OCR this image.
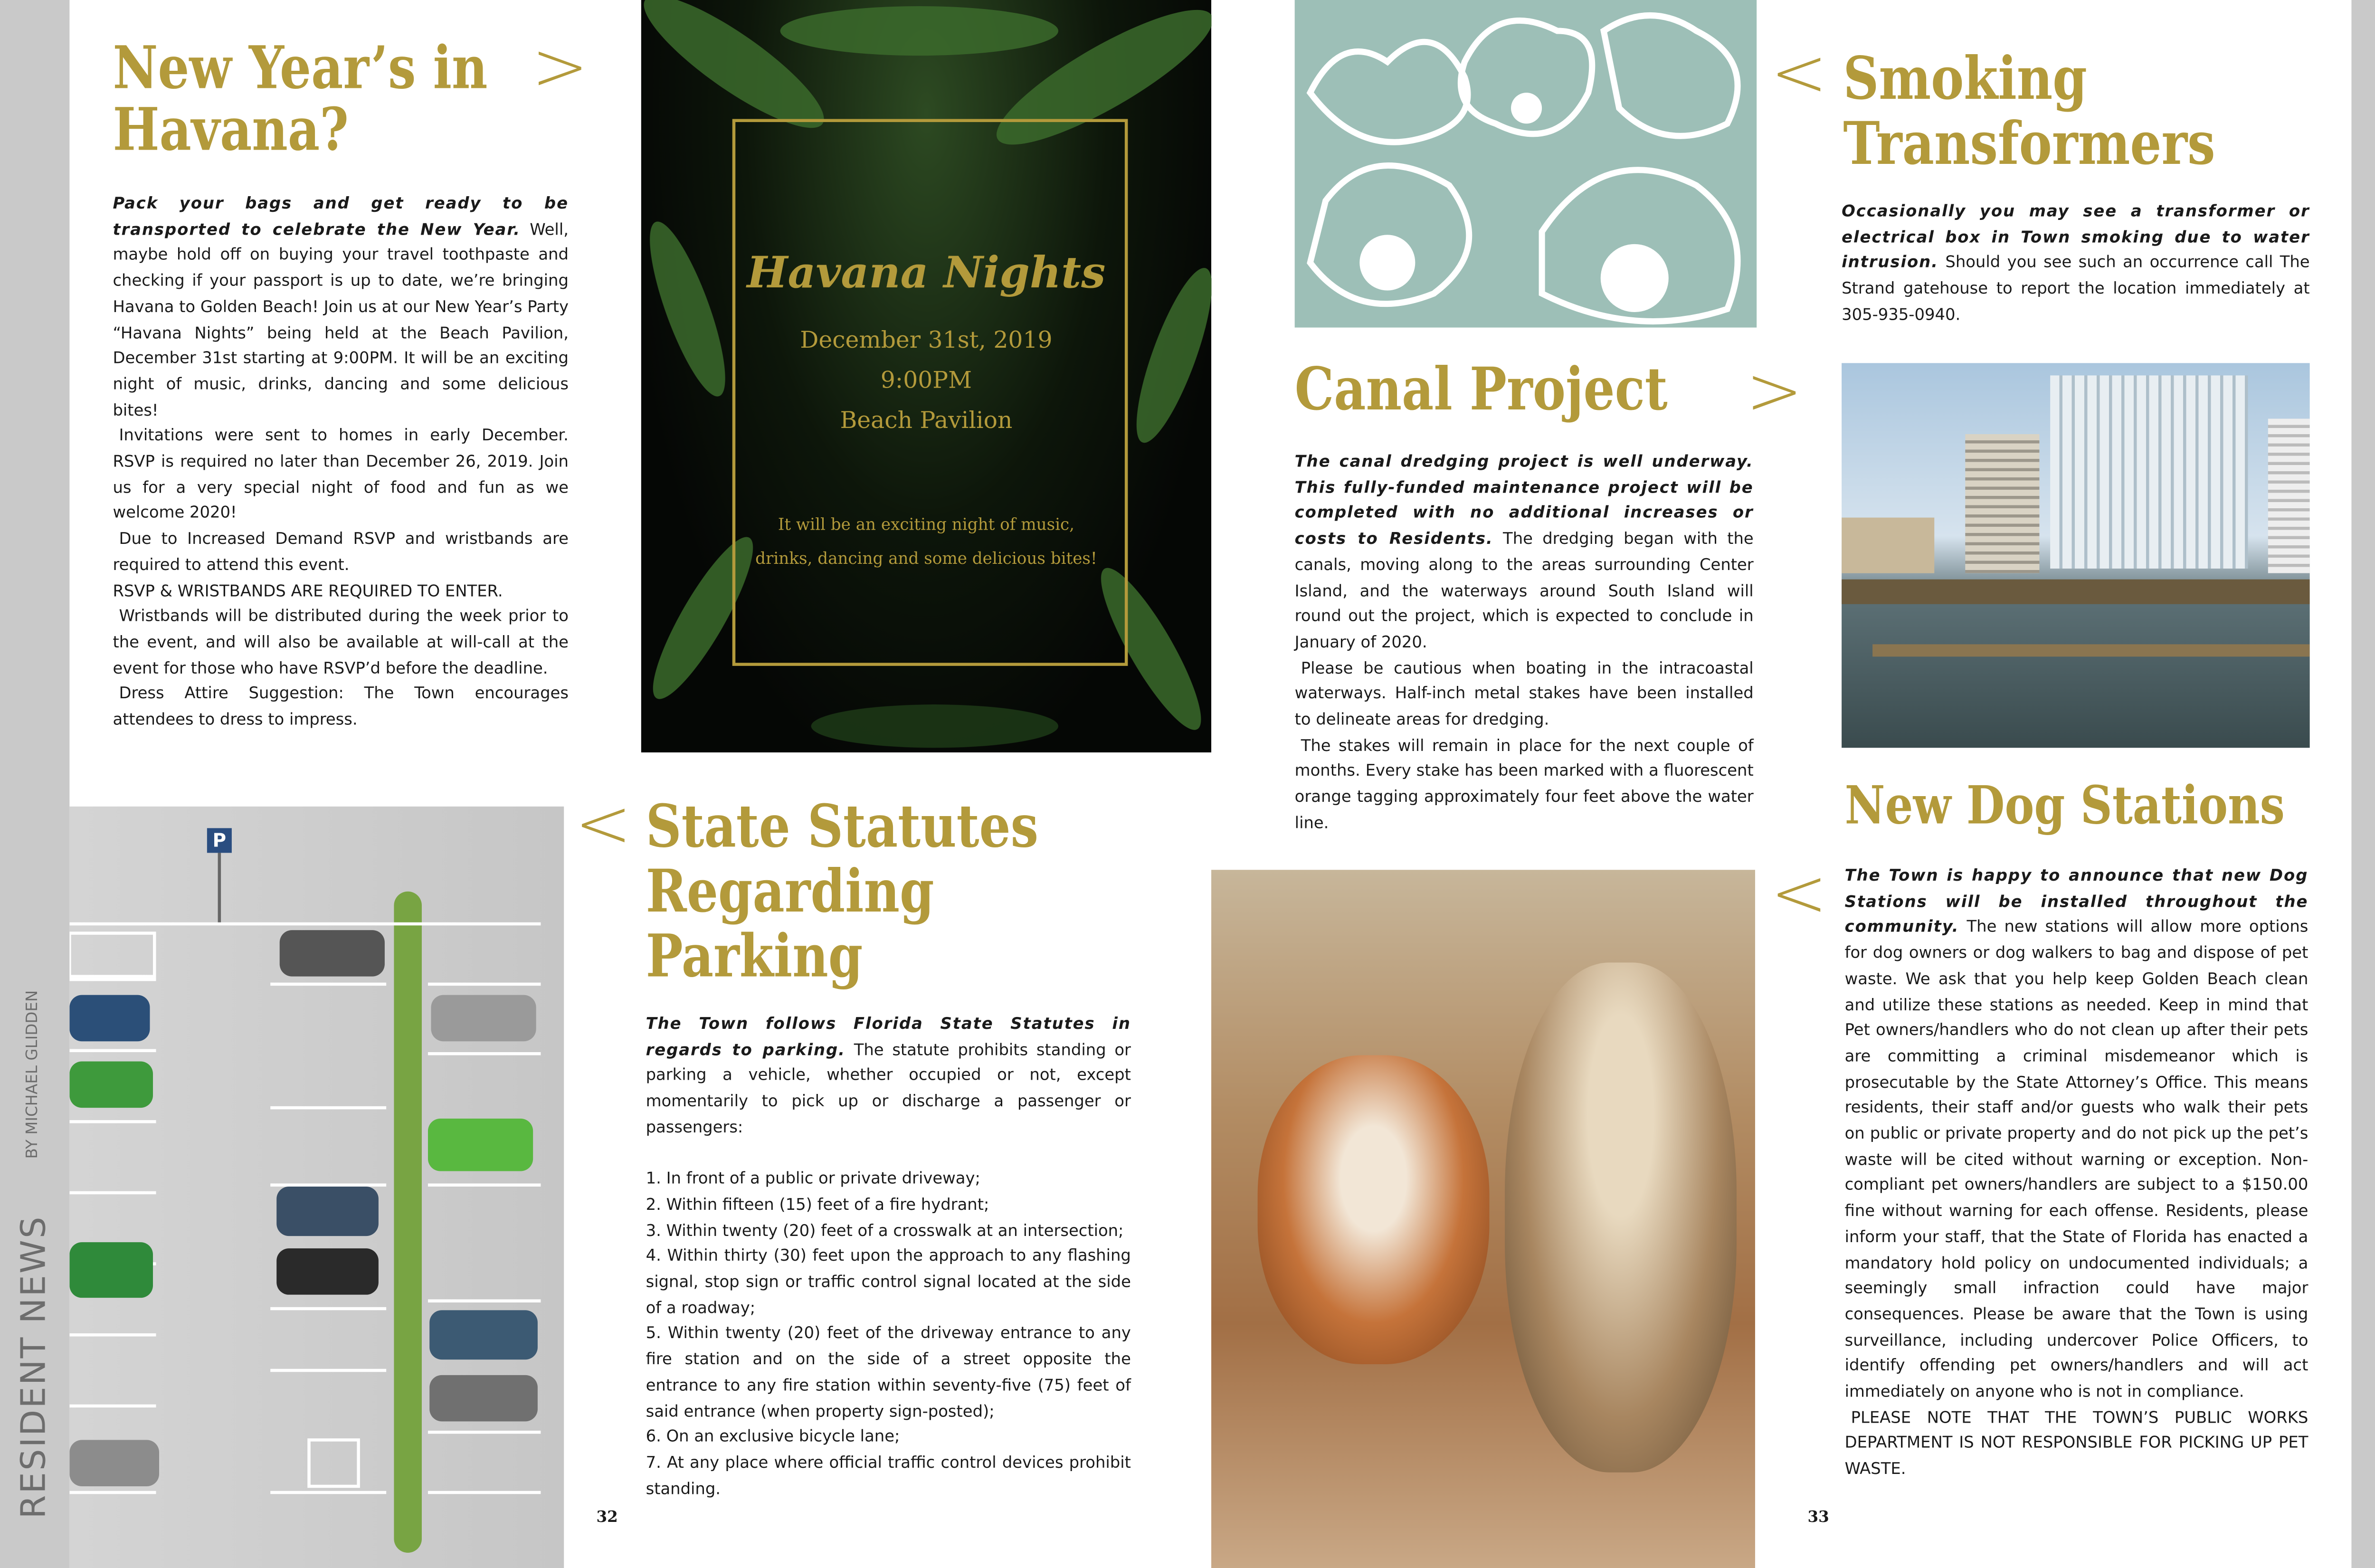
RESIDENT NEWS
BY MICHAEL GLIDDEN
New Year’s in
Havana?
>

Pack your bags and get ready to be transported to celebrate the New Year. Well, maybe hold off on buying your travel toothpaste and checking if your passport is up to date, we’re bringing Havana to Golden Beach! Join us at our New Year’s Party “Havana Nights” being held at the Beach Pavilion, December 31st starting at 9:00PM. It will be an exciting night of music, drinks, dancing and some delicious bites!

Invitations were sent to homes in early December. RSVP is required no later than December 26, 2019. Join us for a very special night of food and fun as we welcome 2020!

Due to Increased Demand RSVP and wristbands are required to attend this event.

RSVP & WRISTBANDS ARE REQUIRED TO ENTER.

Wristbands will be distributed during the week prior to the event, and will also be available at will-call at the event for those who have RSVP’d before the deadline.

Dress Attire Suggestion: The Town encourages attendees to dress to impress.

Havana Nights
December 31st, 2019
9:00PM
Beach Pavilion
It will be an exciting night of music,
drinks, dancing and some delicious bites!
P	< State Statutes
Regarding
Parking

The Town follows Florida State Statutes in regards to parking. The statute prohibits standing or parking a vehicle, whether occupied or not, except momentarily to pick up or discharge a passenger or passengers:

1. In front of a public or private driveway;

2. Within fifteen (15) feet of a fire hydrant;

3. Within twenty (20) feet of a crosswalk at an intersection;

4. Within thirty (30) feet upon the approach to any flashing signal, stop sign or traffic control signal located at the side of a roadway;

5. Within twenty (20) feet of the driveway entrance to any fire station and on the side of a street opposite the entrance to any fire station within seventy-five (75) feet of said entrance (when property sign-posted);

6. On an exclusive bicycle lane;

7. At any place where official traffic control devices prohibit standing.

32
< Smoking
Transformers

Occasionally you may see a transformer or electrical box in Town smoking due to water intrusion. Should you see such an occurrence call The Strand gatehouse to report the location immediately at 305-935-0940.

Canal Project	>

The canal dredging project is well underway. This fully-funded maintenance project will be completed with no additional increases or costs to Residents. The dredging began with the canals, moving along to the areas surrounding Center Island, and the waterways around South Island will round out the project, which is expected to conclude in January of 2020.

Please be cautious when boating in the intracoastal waterways. Half-inch metal stakes have been installed to delineate areas for dredging.

The stakes will remain in place for the next couple of months. Every stake has been marked with a fluorescent orange tagging approximately four feet above the water line.	New Dog Stations
<	The Town is happy to announce that new Dog Stations will be installed throughout the community. The new stations will allow more options for dog owners or dog walkers to bag and dispose of pet waste. We ask that you help keep Golden Beach clean and utilize these stations as needed. Keep in mind that Pet owners/handlers who do not clean up after their pets are committing a criminal misdemeanor which is prosecutable by the State Attorney’s Office. This means residents, their staff and/or guests who walk their pets on public or private property and do not pick up the pet’s waste will be cited without warning or exception. Non-compliant pet owners/handlers are subject to a $150.00 fine without warning for each offense. Residents, please inform your staff, that the State of Florida has enacted a mandatory hold policy on undocumented individuals; a seemingly small infraction could have major consequences. Please be aware that the Town is using surveillance, including undercover Police Officers, to identify offending pet owners/handlers and will act immediately on anyone who is not in compliance.

PLEASE NOTE THAT THE TOWN’S PUBLIC WORKS DEPARTMENT IS NOT RESPONSIBLE FOR PICKING UP PET WASTE.

33
